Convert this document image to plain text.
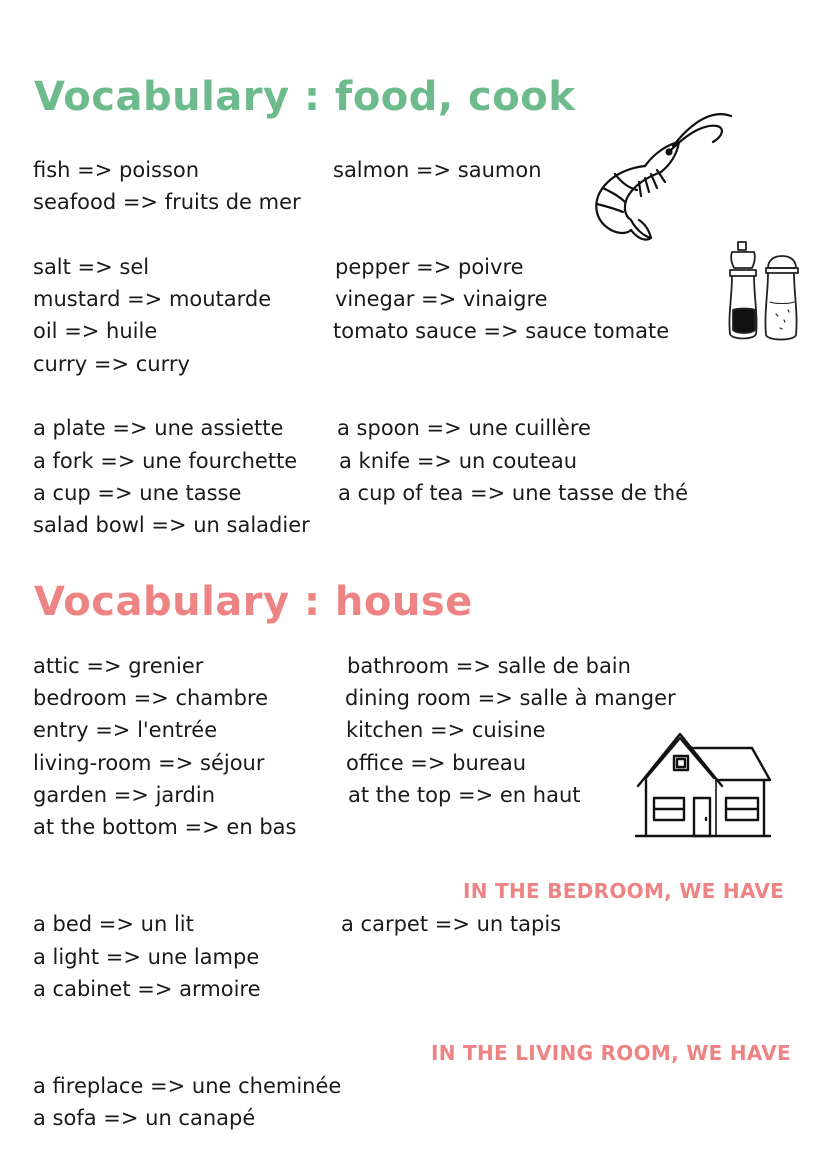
Vocabulary : food, cook

fish => poisson

seafood => fruits de mer

salt => sel

mustard => moutarde

oil => huile

curry => curry

a plate => une assiette

a fork => une fourchette

a cup => une tasse

salad bowl => un saladier

salmon => saumon

pepper => poivre

vinegar => vinaigre

tomato sauce => sauce tomate

a spoon => une cuillère

a knife => un couteau

a cup of tea => une tasse de thé

Vocabulary : house

attic => grenier

bedroom => chambre

entry => l'entrée

living-room => séjour

garden => jardin

at the bottom => en bas

bathroom => salle de bain

dining room => salle à manger

kitchen => cuisine

office => bureau

at the top => en haut

IN THE BEDROOM, WE HAVE

a bed => un lit

a light => une lampe

a cabinet => armoire

a carpet => un tapis

IN THE LIVING ROOM, WE HAVE

a fireplace => une cheminée

a sofa => un canapé
